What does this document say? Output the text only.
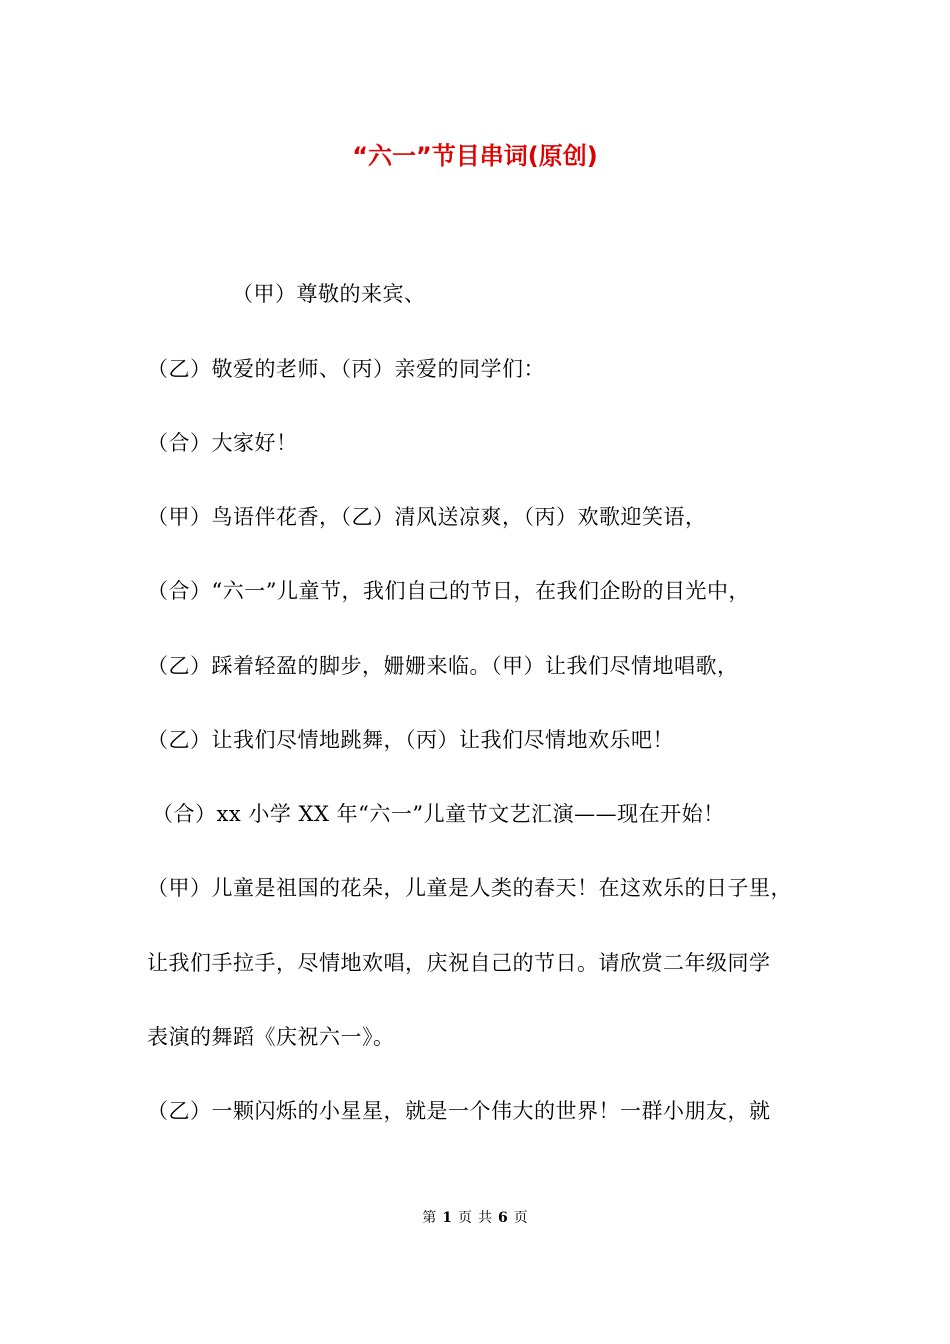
“六一”节目串词(原创)
（甲）尊敬的来宾、
（乙）敬爱的老师、（丙）亲爱的同学们：
（合）大家好！
（甲）鸟语伴花香，（乙）清风送凉爽，（丙）欢歌迎笑语，
（合）“六一”儿童节，我们自己的节日，在我们企盼的目光中，
（乙）踩着轻盈的脚步，姗姗来临。（甲）让我们尽情地唱歌，
（乙）让我们尽情地跳舞，（丙）让我们尽情地欢乐吧！
（合）xx 小学 XX 年“六一”儿童节文艺汇演——现在开始！
（甲）儿童是祖国的花朵，儿童是人类的春天！在这欢乐的日子里，
让我们手拉手，尽情地欢唱，庆祝自己的节日。请欣赏二年级同学
表演的舞蹈《庆祝六一》。
（乙）一颗闪烁的小星星，就是一个伟大的世界！一群小朋友，就
第 1 页 共 6 页
